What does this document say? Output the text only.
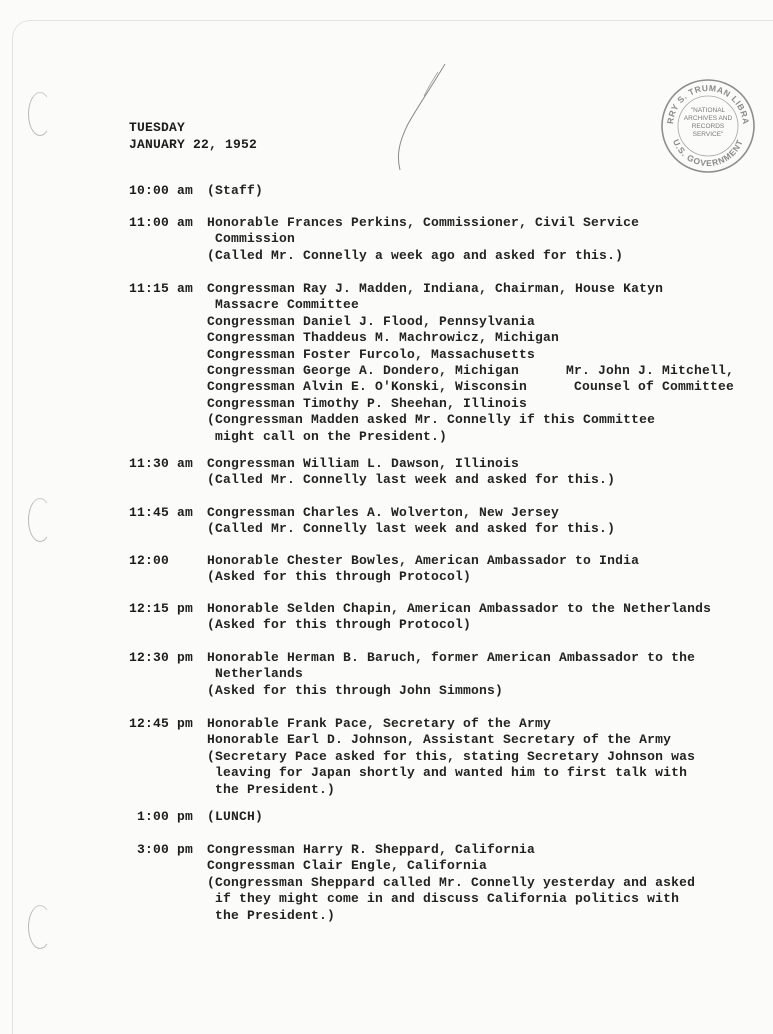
RRY S. TRUMAN LIBRA
U.S. GOVERNMENT
"NATIONAL
ARCHIVES AND
RECORDS
SERVICE"
TUESDAY
JANUARY 22, 1952
10:00 am (Staff)
11:00 am Honorable Frances Perkins, Commissioner, Civil Service
Commission
(Called Mr. Connelly a week ago and asked for this.)
11:15 am Congressman Ray J. Madden, Indiana, Chairman, House Katyn
Massacre Committee
Congressman Daniel J. Flood, Pennsylvania
Congressman Thaddeus M. Machrowicz, Michigan
Congressman Foster Furcolo, Massachusetts
Congressman George A. Dondero, Michigan
Congressman Alvin E. O'Konski, Wisconsin
Congressman Timothy P. Sheehan, Illinois
(Congressman Madden asked Mr. Connelly if this Committee
might call on the President.)
Mr. John J. Mitchell,
Counsel of Committee
11:30 am Congressman William L. Dawson, Illinois
(Called Mr. Connelly last week and asked for this.)
11:45 am Congressman Charles A. Wolverton, New Jersey
(Called Mr. Connelly last week and asked for this.)
12:00	Honorable Chester Bowles, American Ambassador to India
(Asked for this through Protocol)
12:15 pm Honorable Selden Chapin, American Ambassador to the Netherlands
(Asked for this through Protocol)
12:30 pm Honorable Herman B. Baruch, former American Ambassador to the
Netherlands
(Asked for this through John Simmons)
12:45 pm Honorable Frank Pace, Secretary of the Army
Honorable Earl D. Johnson, Assistant Secretary of the Army
(Secretary Pace asked for this, stating Secretary Johnson was
leaving for Japan shortly and wanted him to first talk with
the President.)
1:00 pm (LUNCH)
3:00 pm Congressman Harry R. Sheppard, California
Congressman Clair Engle, California
(Congressman Sheppard called Mr. Connelly yesterday and asked
if they might come in and discuss California politics with
the President.)
